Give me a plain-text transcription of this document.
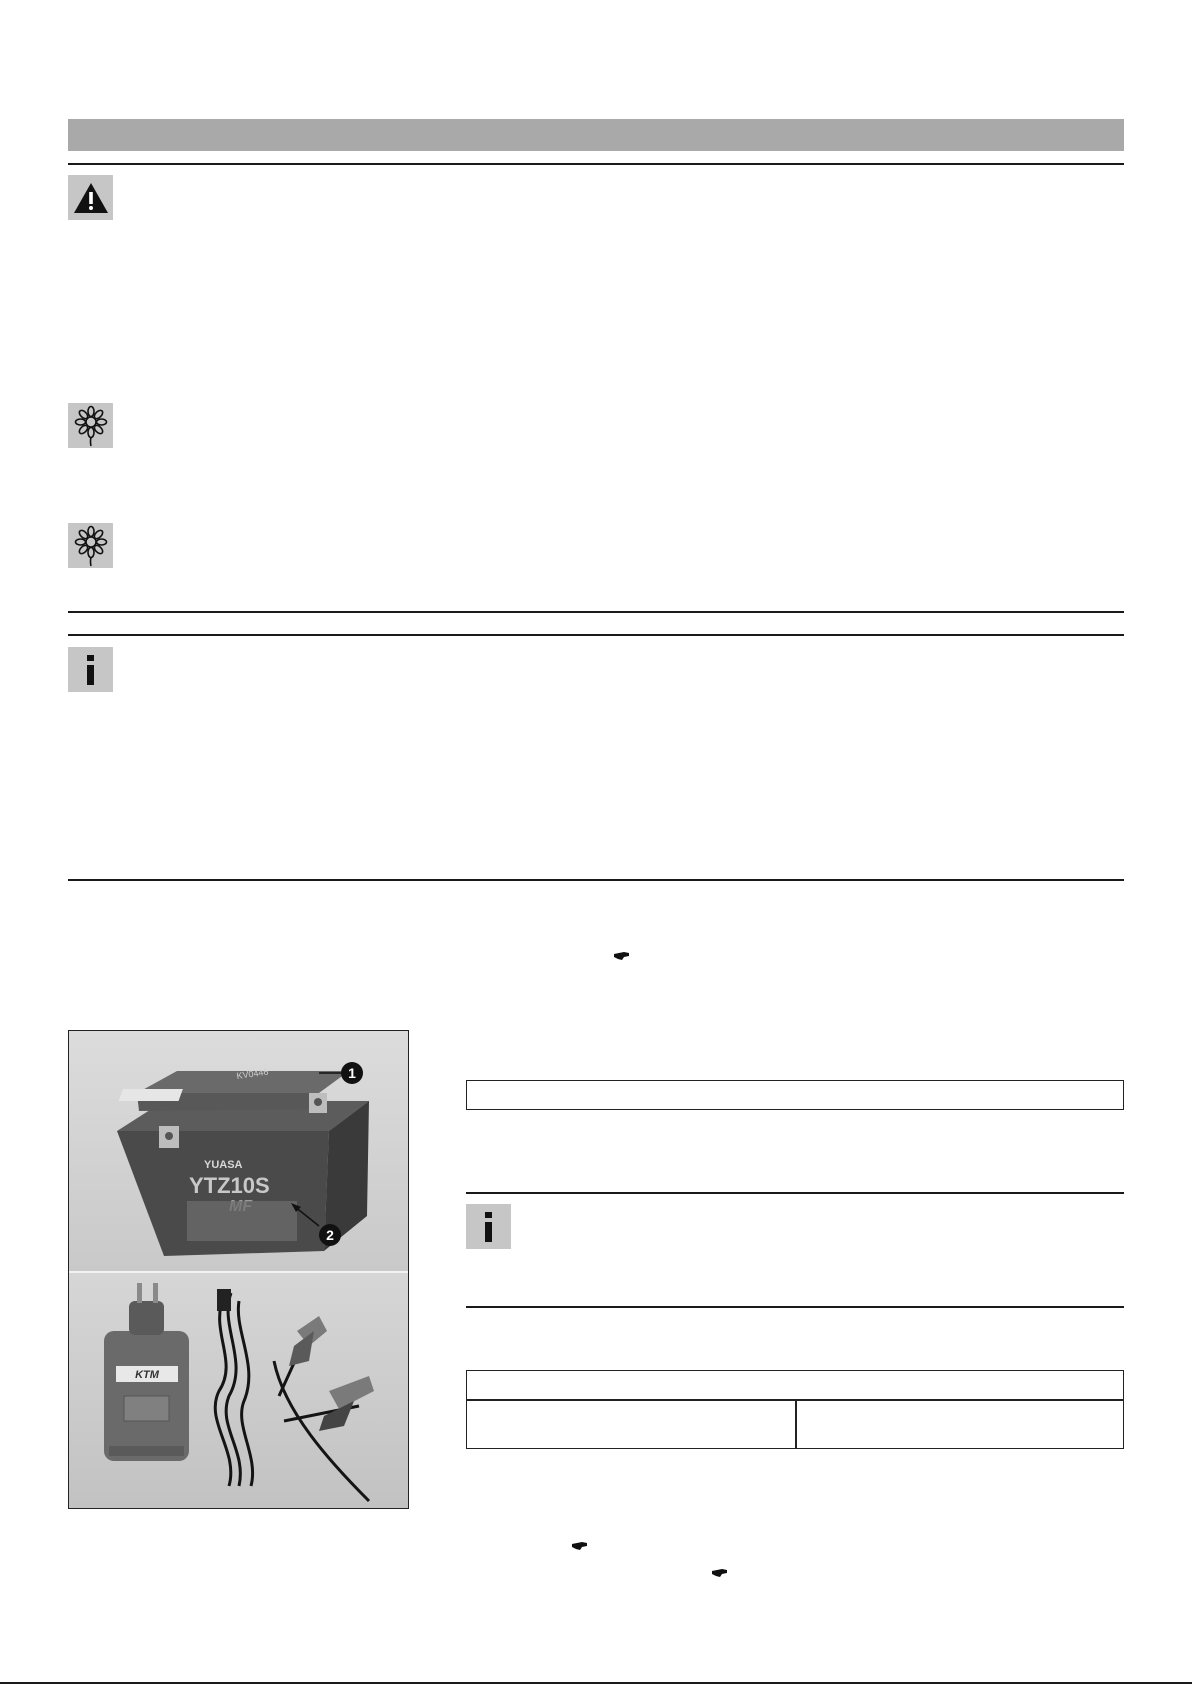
YUASA
YTZ10S
KV0446	1
2
KTM
